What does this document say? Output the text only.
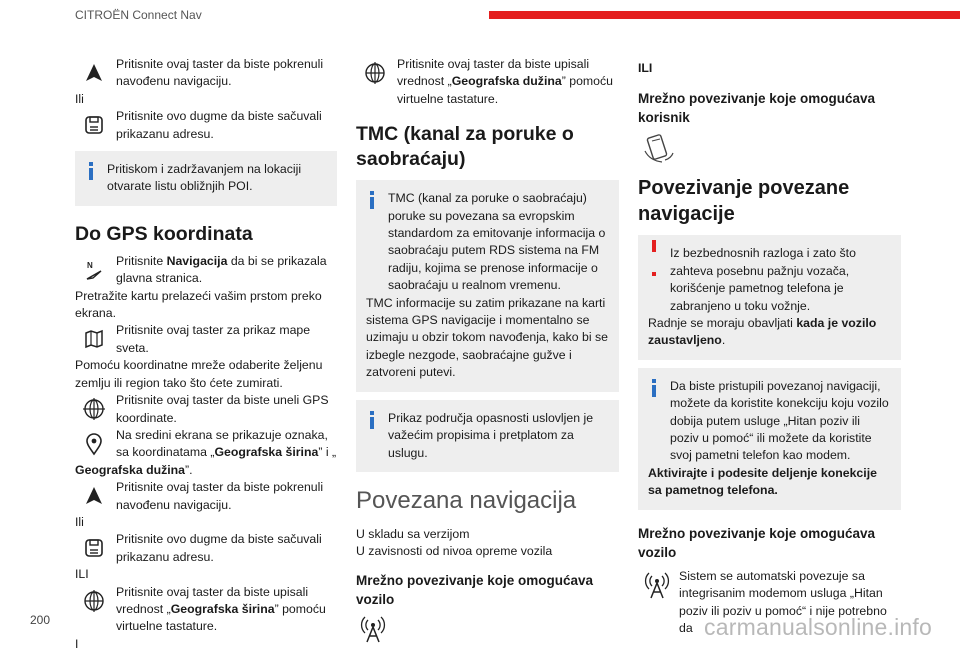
CITROËN Connect Nav
200	carmanualsonline.info

Pritisnite ovaj taster da biste pokrenuli navođenu navigaciju.

Ili

Pritisnite ovo dugme da biste sačuvali prikazanu adresu.

Pritiskom i zadržavanjem na lokaciji otvarate listu obližnjih POI.

Do GPS koordinata
N Pritisnite Navigacija da bi se prikazala glavna stranica.

Pretražite kartu prelazeći vašim prstom preko ekrana.

Pritisnite ovaj taster za prikaz mape sveta.

Pomoću koordinatne mreže odaberite željenu zemlju ili region tako što ćete zumirati.

Pritisnite ovaj taster da biste uneli GPS koordinate.

Na sredini ekrana se prikazuje oznaka, sa koordinatama „Geografska širina” i „

Geografska dužina”.

Pritisnite ovaj taster da biste pokrenuli navođenu navigaciju.

Ili

Pritisnite ovo dugme da biste sačuvali prikazanu adresu.

ILI

Pritisnite ovaj taster da biste upisali vrednost „Geografska širina” pomoću virtuelne tastature.

I

Pritisnite ovaj taster da biste upisali vrednost „Geografska dužina” pomoću virtuelne tastature.

TMC (kanal za poruke o saobraćaju)

TMC (kanal za poruke o saobraćaju) poruke su povezana sa evropskim standardom za emitovanje informacija o saobraćaju putem RDS sistema na FM radiju, kojima se prenose informacije o saobraćaju u realnom vremenu.

TMC informacije su zatim prikazane na karti sistema GPS navigacije i momentalno se uzimaju u obzir tokom navođenja, kako bi se izbegle nezgode, saobraćajne gužve i zatvoreni putevi.

Prikaz područja opasnosti uslovljen je važećim propisima i pretplatom za uslugu.

Povezana navigacija

U skladu sa verzijom

U zavisnosti od nivoa opreme vozila

Mrežno povezivanje koje omogućava vozilo

ILI

Mrežno povezivanje koje omogućava korisnik
Povezivanje povezane navigacije

Iz bezbednosnih razloga i zato što zahteva posebnu pažnju vozača, korišćenje pametnog telefona je zabranjeno u toku vožnje.

Radnje se moraju obavljati kada je vozilo zaustavljeno.

Da biste pristupili povezanoj navigaciji, možete da koristite konekciju koju vozilo dobija putem usluge „Hitan poziv ili poziv u pomoć“ ili možete da koristite svoj pametni telefon kao modem.

Aktivirajte i podesite deljenje konekcije sa pametnog telefona.

Mrežno povezivanje koje omogućava vozilo

Sistem se automatski povezuje sa integrisanim modemom usluga „Hitan poziv ili poziv u pomoć“ i nije potrebno da
